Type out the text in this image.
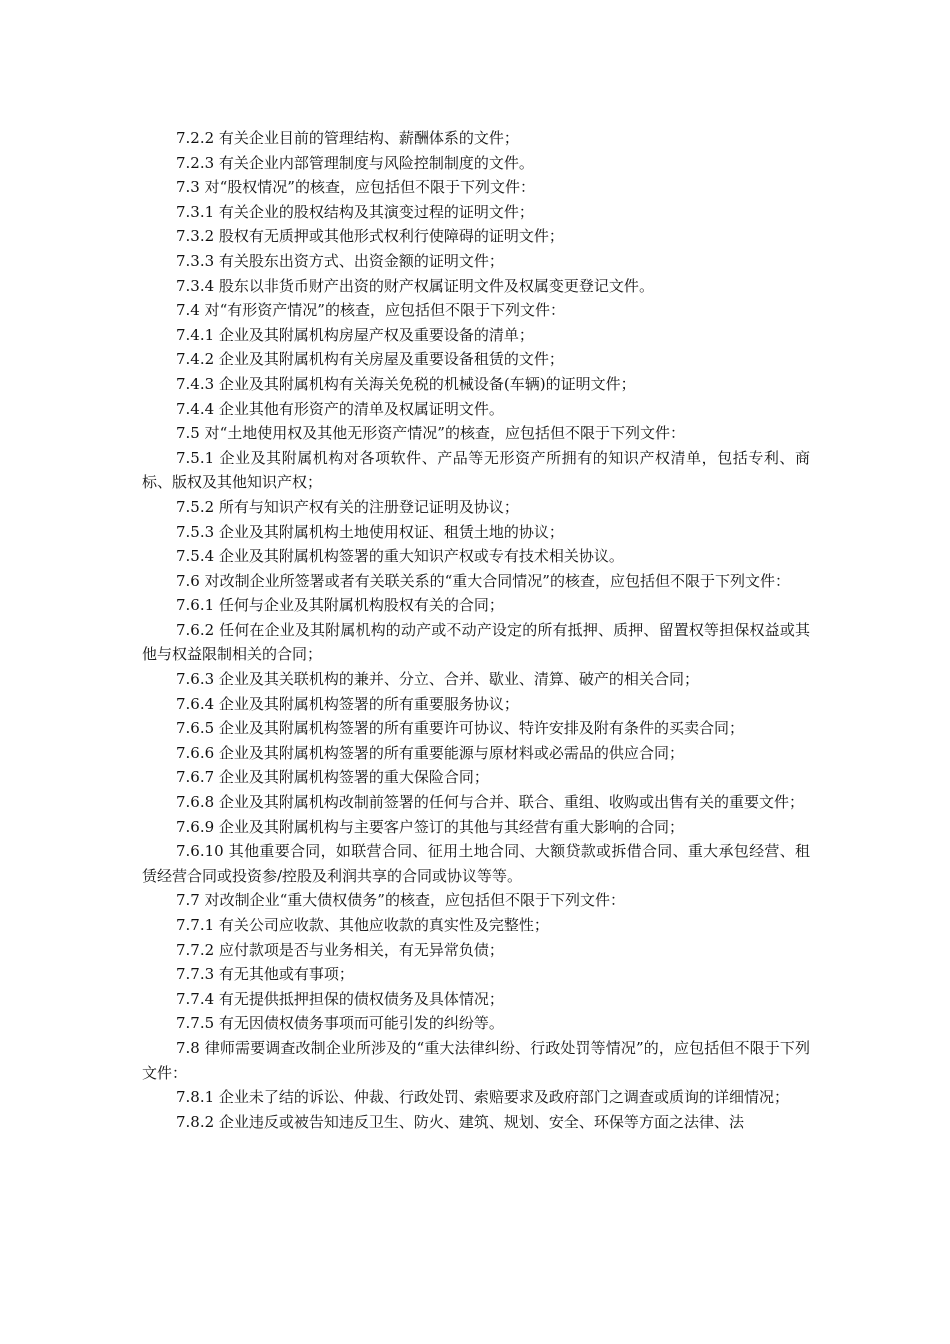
7.2.2 有关企业目前的管理结构、薪酬体系的文件；

7.2.3 有关企业内部管理制度与风险控制制度的文件。

7.3 对“股权情况”的核查，应包括但不限于下列文件：

7.3.1 有关企业的股权结构及其演变过程的证明文件；

7.3.2 股权有无质押或其他形式权利行使障碍的证明文件；

7.3.3 有关股东出资方式、出资金额的证明文件；

7.3.4 股东以非货币财产出资的财产权属证明文件及权属变更登记文件。

7.4 对“有形资产情况”的核查，应包括但不限于下列文件：

7.4.1 企业及其附属机构房屋产权及重要设备的清单；

7.4.2 企业及其附属机构有关房屋及重要设备租赁的文件；

7.4.3 企业及其附属机构有关海关免税的机械设备(车辆)的证明文件；

7.4.4 企业其他有形资产的清单及权属证明文件。

7.5 对“土地使用权及其他无形资产情况”的核查，应包括但不限于下列文件：

7.5.1 企业及其附属机构对各项软件、产品等无形资产所拥有的知识产权清单，包括专利、商标、版权及其他知识产权；

7.5.2 所有与知识产权有关的注册登记证明及协议；

7.5.3 企业及其附属机构土地使用权证、租赁土地的协议；

7.5.4 企业及其附属机构签署的重大知识产权或专有技术相关协议。

7.6 对改制企业所签署或者有关联关系的“重大合同情况”的核查，应包括但不限于下列文件：

7.6.1 任何与企业及其附属机构股权有关的合同；

7.6.2 任何在企业及其附属机构的动产或不动产设定的所有抵押、质押、留置权等担保权益或其他与权益限制相关的合同；

7.6.3 企业及其关联机构的兼并、分立、合并、歇业、清算、破产的相关合同；

7.6.4 企业及其附属机构签署的所有重要服务协议；

7.6.5 企业及其附属机构签署的所有重要许可协议、特许安排及附有条件的买卖合同；

7.6.6 企业及其附属机构签署的所有重要能源与原材料或必需品的供应合同；

7.6.7 企业及其附属机构签署的重大保险合同；

7.6.8 企业及其附属机构改制前签署的任何与合并、联合、重组、收购或出售有关的重要文件；

7.6.9 企业及其附属机构与主要客户签订的其他与其经营有重大影响的合同；

7.6.10 其他重要合同，如联营合同、征用土地合同、大额贷款或拆借合同、重大承包经营、租赁经营合同或投资参/控股及利润共享的合同或协议等等。

7.7 对改制企业“重大债权债务”的核查，应包括但不限于下列文件：

7.7.1 有关公司应收款、其他应收款的真实性及完整性；

7.7.2 应付款项是否与业务相关，有无异常负债；

7.7.3 有无其他或有事项；

7.7.4 有无提供抵押担保的债权债务及具体情况；

7.7.5 有无因债权债务事项而可能引发的纠纷等。

7.8 律师需要调查改制企业所涉及的“重大法律纠纷、行政处罚等情况”的，应包括但不限于下列文件：

7.8.1 企业未了结的诉讼、仲裁、行政处罚、索赔要求及政府部门之调查或质询的详细情况；

7.8.2 企业违反或被告知违反卫生、防火、建筑、规划、安全、环保等方面之法律、法
